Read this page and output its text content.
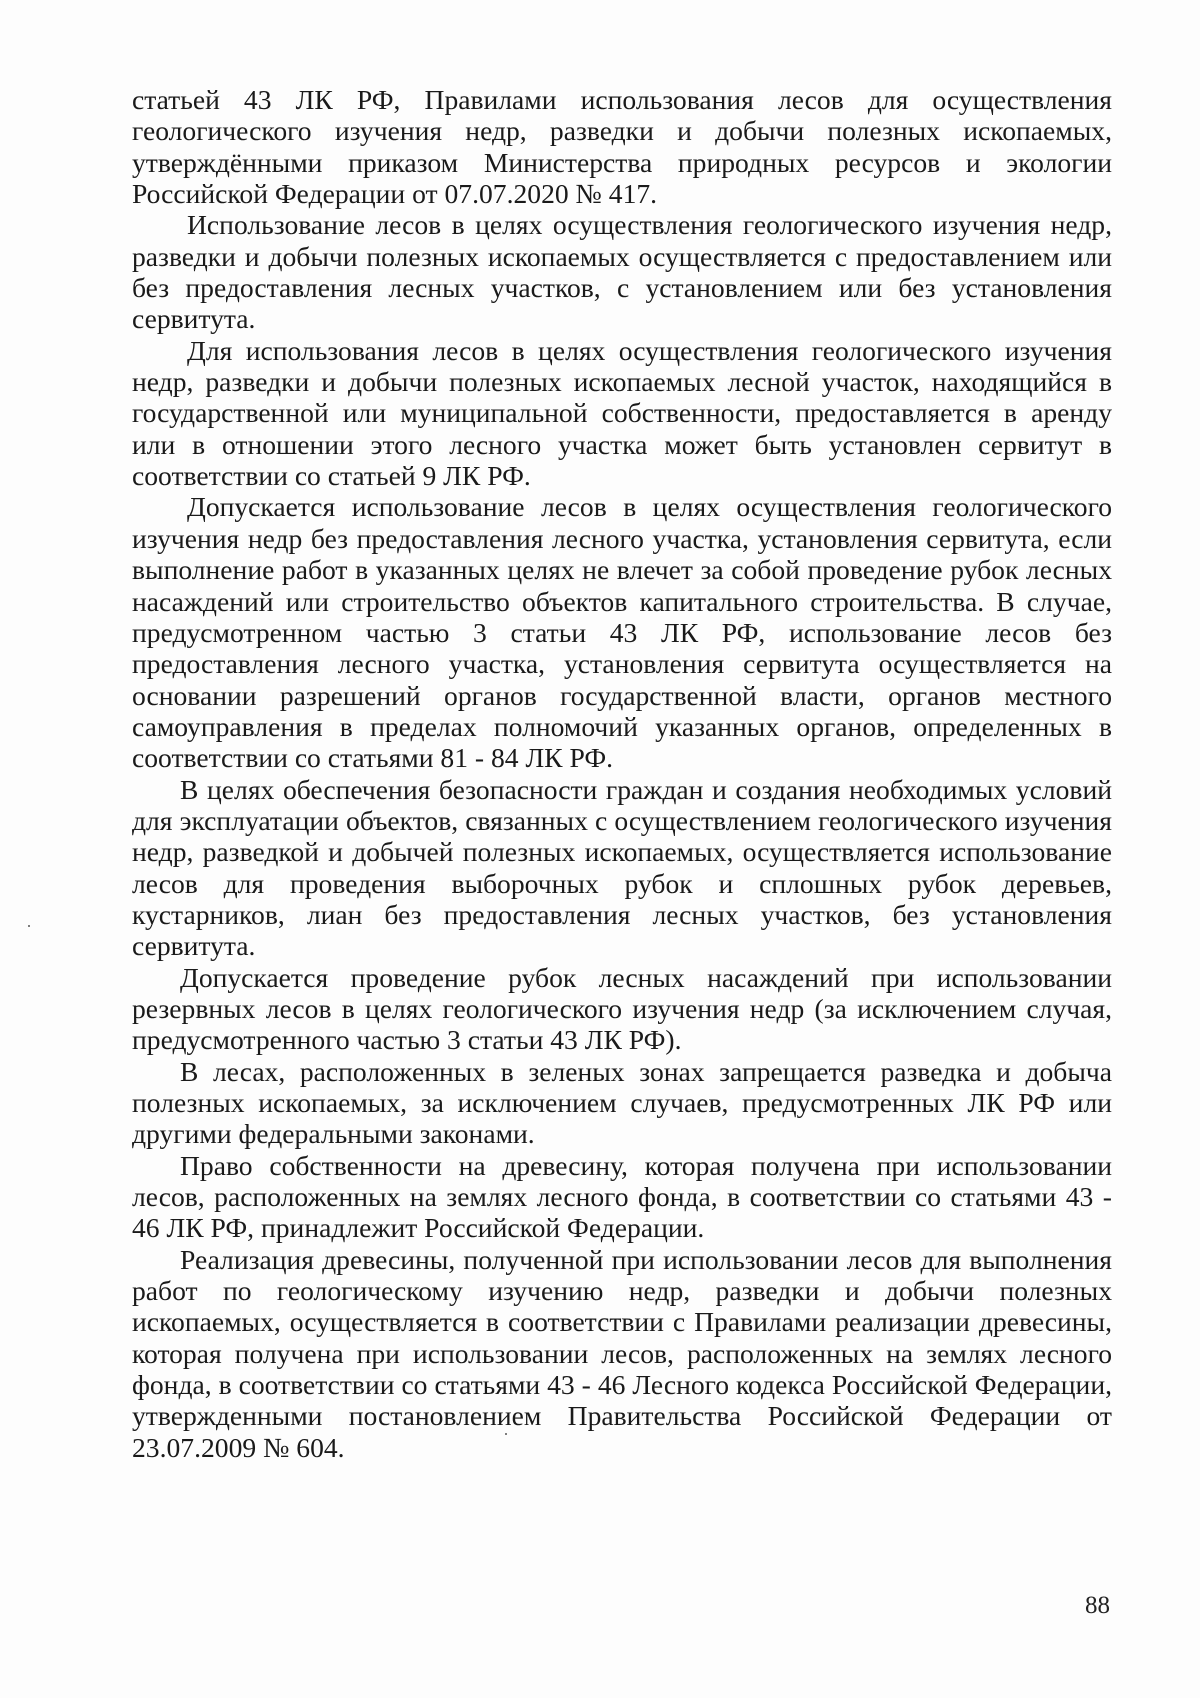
статьей 43 ЛК РФ, Правилами использования лесов для осуществления геологического изучения недр, разведки и добычи полезных ископаемых, утверждёнными приказом Министерства природных ресурсов и экологии Российской Федерации от 07.07.2020 № 417.

Использование лесов в целях осуществления геологического изучения недр, разведки и добычи полезных ископаемых осуществляется с предоставлением или без предоставления лесных участков, с установлением или без установления сервитута.

Для использования лесов в целях осуществления геологического изучения недр, разведки и добычи полезных ископаемых лесной участок, находящийся в государственной или муниципальной собственности, предоставляется в аренду или в отношении этого лесного участка может быть установлен сервитут в соответствии со статьей 9 ЛК РФ.

Допускается использование лесов в целях осуществления геологического изучения недр без предоставления лесного участка, установления сервитута, если выполнение работ в указанных целях не влечет за собой проведение рубок лесных насаждений или строительство объектов капитального строительства. В случае, предусмотренном частью 3 статьи 43 ЛК РФ, использование лесов без предоставления лесного участка, установления сервитута осуществляется на основании разрешений органов государственной власти, органов местного самоуправления в пределах полномочий указанных органов, определенных в соответствии со статьями 81 - 84 ЛК РФ.

В целях обеспечения безопасности граждан и создания необходимых условий для эксплуатации объектов, связанных с осуществлением геологического изучения недр, разведкой и добычей полезных ископаемых, осуществляется использование лесов для проведения выборочных рубок и сплошных рубок деревьев, кустарников, лиан без предоставления лесных участков, без установления сервитута.

Допускается проведение рубок лесных насаждений при использовании резервных лесов в целях геологического изучения недр (за исключением случая, предусмотренного частью 3 статьи 43 ЛК РФ).

В лесах, расположенных в зеленых зонах запрещается разведка и добыча полезных ископаемых, за исключением случаев, предусмотренных ЛК РФ или другими федеральными законами.

Право собственности на древесину, которая получена при использовании лесов, расположенных на землях лесного фонда, в соответствии со статьями 43 - 46 ЛК РФ, принадлежит Российской Федерации.

Реализация древесины, полученной при использовании лесов для выполнения работ по геологическому изучению недр, разведки и добычи полезных ископаемых, осуществляется в соответствии с Правилами реализации древесины, которая получена при использовании лесов, расположенных на землях лесного фонда, в соответствии со статьями 43 - 46 Лесного кодекса Российской Федерации, утвержденными постановлением Правительства Российской Федерации от 23.07.2009 № 604.

88
